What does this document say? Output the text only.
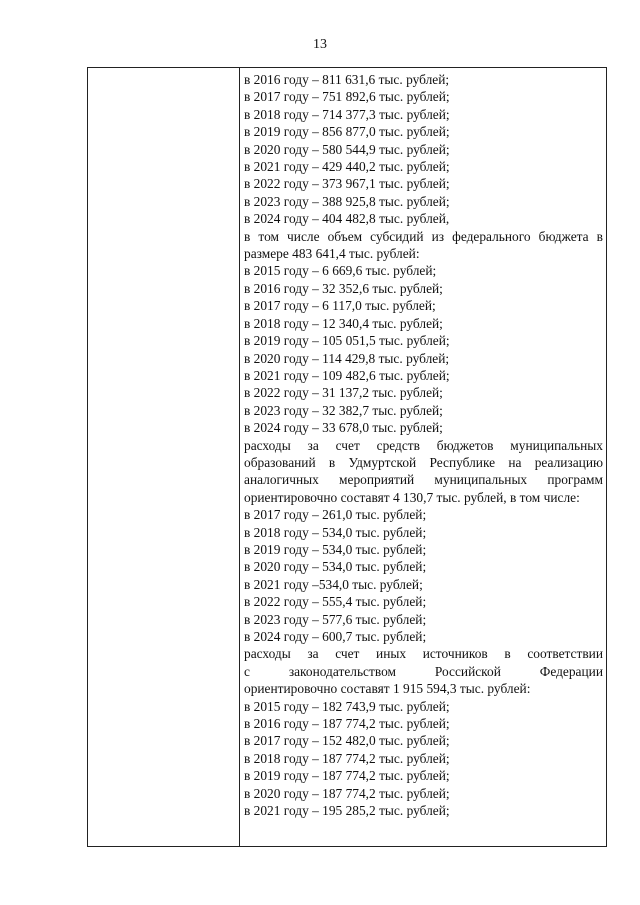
13
в 2016 году – 811 631,6 тыс. рублей;
в 2017 году – 751 892,6 тыс. рублей;
в 2018 году – 714 377,3 тыс. рублей;
в 2019 году – 856 877,0 тыс. рублей;
в 2020 году – 580 544,9 тыс. рублей;
в 2021 году – 429 440,2 тыс. рублей;
в 2022 году – 373 967,1 тыс. рублей;
в 2023 году – 388 925,8 тыс. рублей;
в 2024 году – 404 482,8 тыс. рублей,
в том числе объем субсидий из федерального бюджета в размере 483 641,4 тыс. рублей:
в 2015 году – 6 669,6 тыс. рублей;
в 2016 году – 32 352,6 тыс. рублей;
в 2017 году – 6 117,0 тыс. рублей;
в 2018 году – 12 340,4 тыс. рублей;
в 2019 году – 105 051,5 тыс. рублей;
в 2020 году – 114 429,8 тыс. рублей;
в 2021 году – 109 482,6 тыс. рублей;
в 2022 году – 31 137,2 тыс. рублей;
в 2023 году – 32 382,7 тыс. рублей;
в 2024 году – 33 678,0 тыс. рублей;
расходы за счет средств бюджетов муниципальных образований в Удмуртской Республике на реализацию аналогичных мероприятий муниципальных программ ориентировочно составят 4 130,7 тыс. рублей, в том числе:
в 2017 году – 261,0 тыс. рублей;
в 2018 году – 534,0 тыс. рублей;
в 2019 году – 534,0 тыс. рублей;
в 2020 году – 534,0 тыс. рублей;
в 2021 году –534,0 тыс. рублей;
в 2022 году – 555,4 тыс. рублей;
в 2023 году – 577,6 тыс. рублей;
в 2024 году – 600,7 тыс. рублей;
расходы за счет иных источников в соответствии
с законодательством Российской Федерации
ориентировочно составят 1 915 594,3 тыс. рублей:
в 2015 году – 182 743,9 тыс. рублей;
в 2016 году – 187 774,2 тыс. рублей;
в 2017 году – 152 482,0 тыс. рублей;
в 2018 году – 187 774,2 тыс. рублей;
в 2019 году – 187 774,2 тыс. рублей;
в 2020 году – 187 774,2 тыс. рублей;
в 2021 году – 195 285,2 тыс. рублей;
